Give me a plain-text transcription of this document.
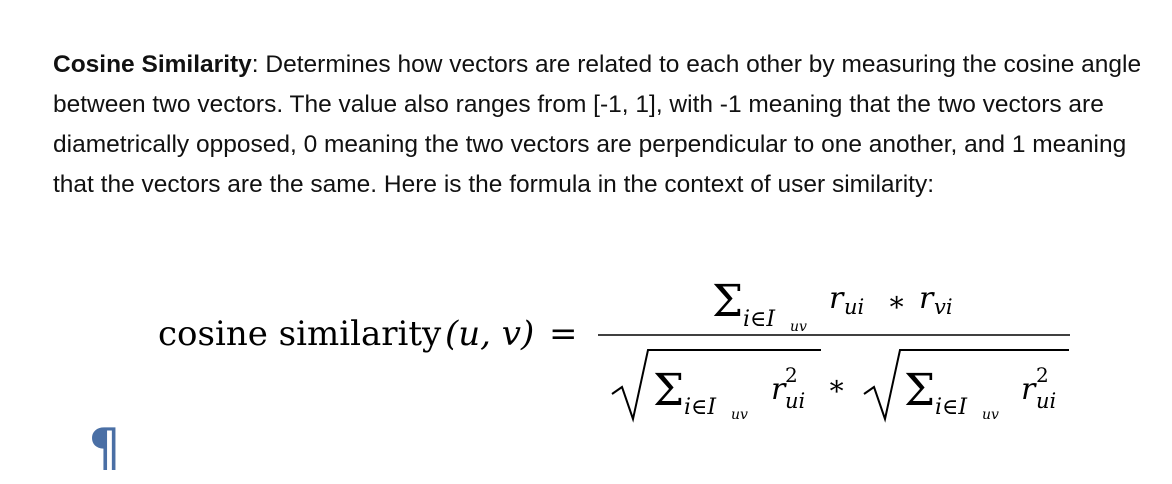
Cosine Similarity: Determines how vectors are related to each other by measuring the cosine angle between two vectors. The value also ranges from [-1, 1], with -1 meaning that the two vectors are diametrically opposed, 0 meaning the two vectors are perpendicular to one another, and 1 meaning that the vectors are the same. Here is the formula in the context of user similarity:

cosine similarity (u, v) =
Σ i∈I uv
r ui ∗ r vi
Σ i∈I uv
r 2
ui ∗ Σ i∈I uv
r 2
ui
¶
